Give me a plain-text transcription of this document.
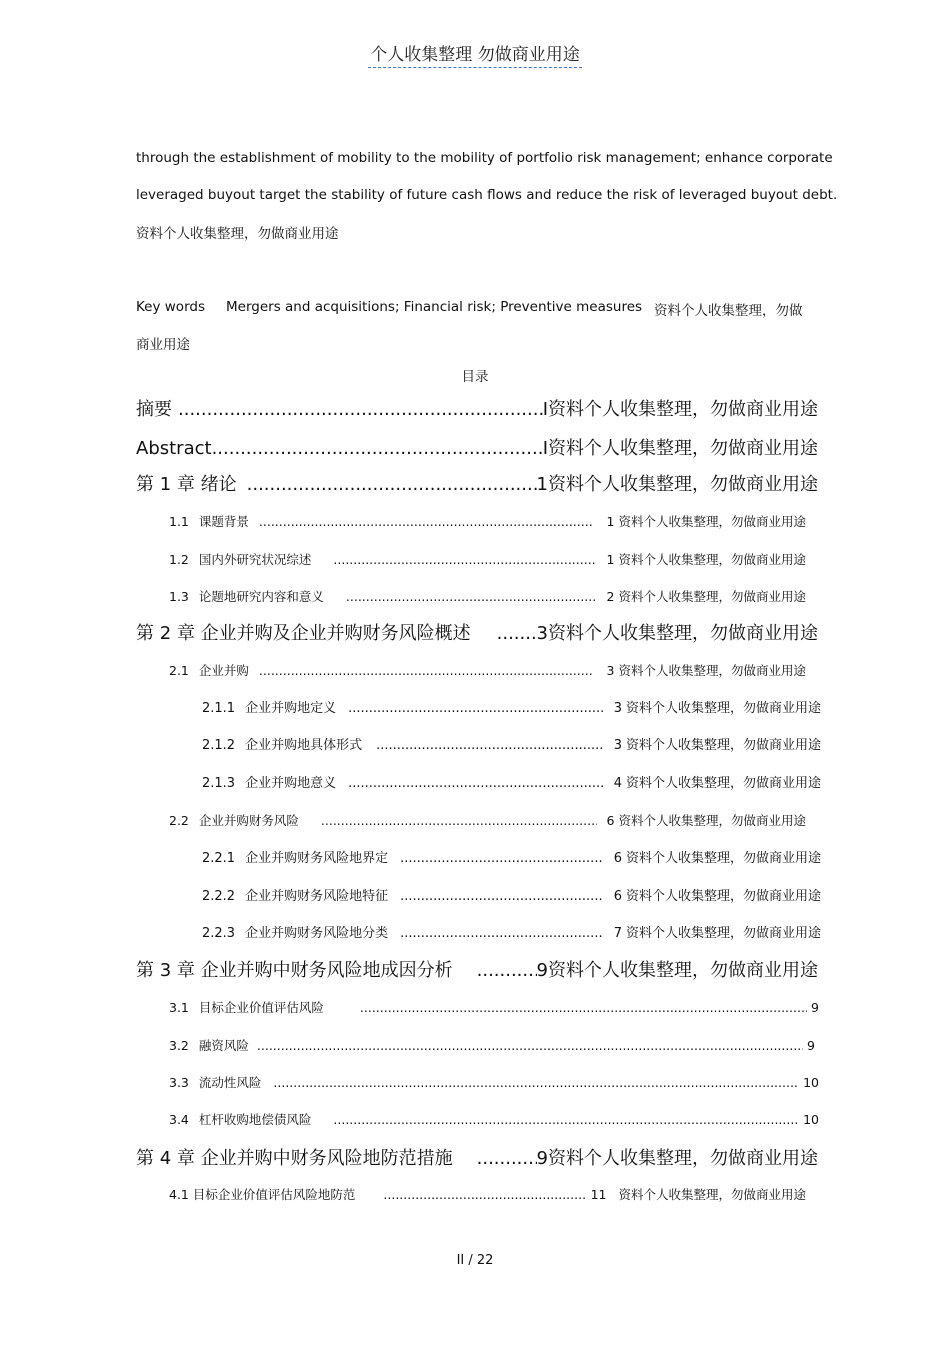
个人收集整理 勿做商业用途
through the establishment of mobility to the mobility of portfolio risk management; enhance corporate
leveraged buyout target the stability of future cash flows and reduce the risk of leveraged buyout debt.
资料个人收集整理，勿做商业用途
Key words Mergers and acquisitions; Financial risk; Preventive measures 资料个人收集整理，勿做
商业用途
目录
摘要 .....	I 资料个人收集整理，勿做商业用途
Abstract .....	I 资料个人收集整理，勿做商业用途
第 1 章 绪论 .....	1 资料个人收集整理，勿做商业用途
1.1 课题背景 .....	1 资料个人收集整理，勿做商业用途
1.2 国内外研究状况综述 .....	1 资料个人收集整理，勿做商业用途
1.3 论题地研究内容和意义 .....	2 资料个人收集整理，勿做商业用途
第 2 章 企业并购及企业并购财务风险概述 .....	3 资料个人收集整理，勿做商业用途
2.1 企业并购 .....	3 资料个人收集整理，勿做商业用途
2.1.1 企业并购地定义 .....	3 资料个人收集整理，勿做商业用途
2.1.2 企业并购地具体形式 .....	3 资料个人收集整理，勿做商业用途
2.1.3 企业并购地意义 .....	4 资料个人收集整理，勿做商业用途
2.2 企业并购财务风险 .....	6 资料个人收集整理，勿做商业用途
2.2.1 企业并购财务风险地界定 .....	6 资料个人收集整理，勿做商业用途
2.2.2 企业并购财务风险地特征 .....	6 资料个人收集整理，勿做商业用途
2.2.3 企业并购财务风险地分类 .....	7 资料个人收集整理，勿做商业用途
第 3 章 企业并购中财务风险地成因分析 .....	9 资料个人收集整理，勿做商业用途
3.1 目标企业价值评估风险 .....	9
3.2 融资风险 .....	9
3.3 流动性风险 .....	10
3.4 杠杆收购地偿债风险 .....	10
第 4 章 企业并购中财务风险地防范措施 .....	9 资料个人收集整理，勿做商业用途
4.1 目标企业价值评估风险地防范 .....	11 资料个人收集整理，勿做商业用途
II / 22
